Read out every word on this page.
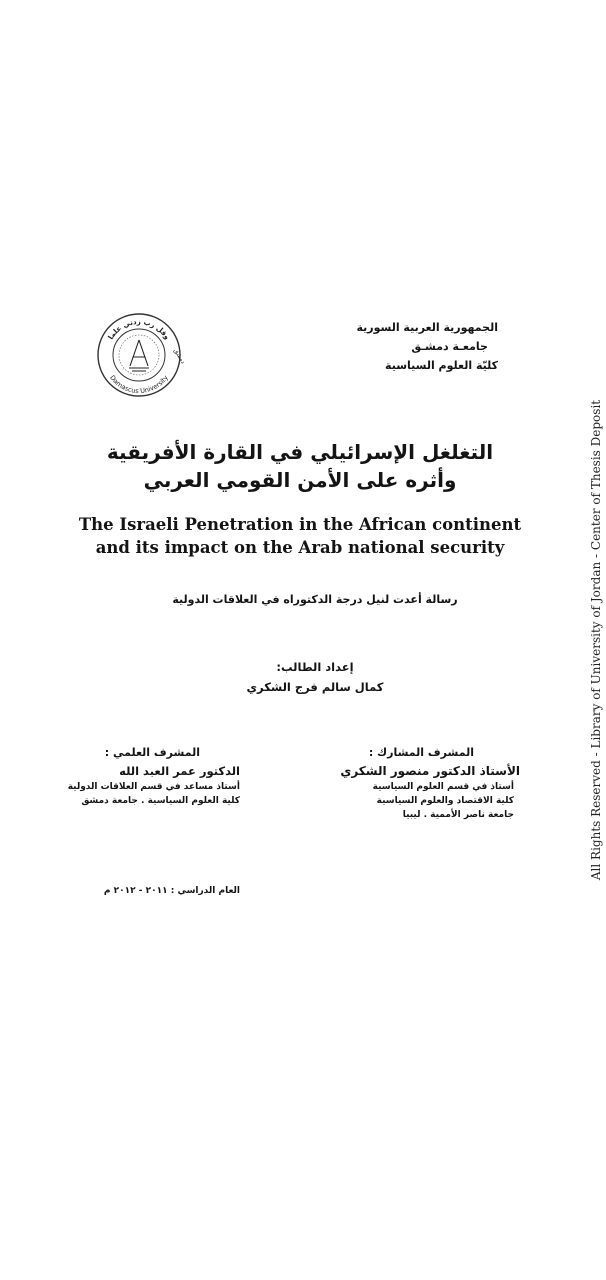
الجمهورية العربية السورية
جامعـة دمشـق
كليّة العلوم السياسية
وقل رب زدني علما
Damascus University	جامعة دمشق
التغلغل الإسرائيلي في القارة الأفريقية وأثره على الأمن القومي العربي
The Israeli Penetration in the African continent
and its impact on the Arab national security
رسالة أعدت لنيل درجة الدكتوراه في العلاقات الدولية
إعداد الطالب:
كمال سالم فرج الشكري
المشرف المشارك :
الأستاذ الدكتور منصور الشكري
أستاذ في قسم العلوم السياسية
كلية الاقتصاد والعلوم السياسية
جامعة ناصر الأممية . ليبيا
المشرف العلمي :
الدكتور عمر العبد الله
أستاذ مساعد في قسم العلاقات الدولية
كلية العلوم السياسية . جامعة دمشق
العام الدراسي : ٢٠١١ - ٢٠١٢ م
All Rights Reserved - Library of University of Jordan - Center of Thesis Deposit
